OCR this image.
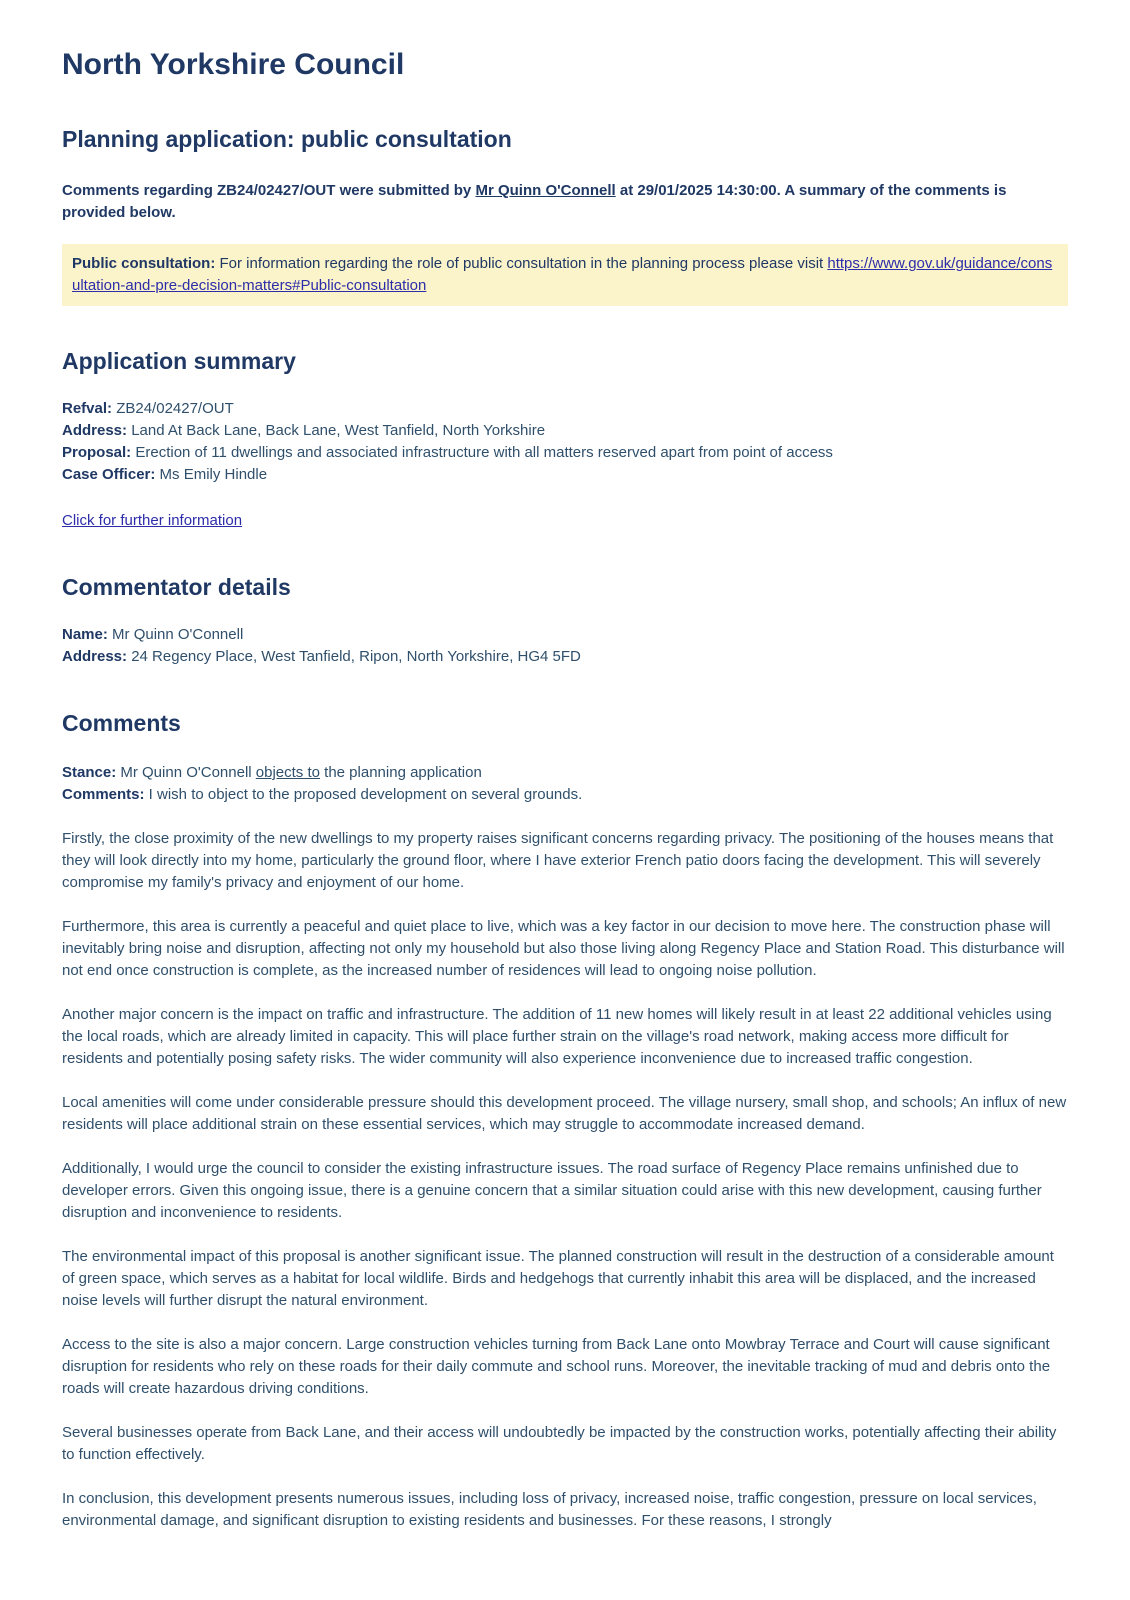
North Yorkshire Council
Planning application: public consultation

Comments regarding ZB24/02427/OUT were submitted by Mr Quinn O'Connell at 29/01/2025 14:30:00. A summary of the comments is provided below.

Public consultation: For information regarding the role of public consultation in the planning process please visit https://www.gov.uk/guidance/consultation-and-pre-decision-matters#Public-consultation
Application summary
Refval: ZB24/02427/OUT
Address: Land At Back Lane, Back Lane, West Tanfield, North Yorkshire
Proposal: Erection of 11 dwellings and associated infrastructure with all matters reserved apart from point of access
Case Officer: Ms Emily Hindle

Click for further information

Commentator details
Name: Mr Quinn O'Connell
Address: 24 Regency Place, West Tanfield, Ripon, North Yorkshire, HG4 5FD
Comments
Stance: Mr Quinn O'Connell objects to the planning application
Comments: I wish to object to the proposed development on several grounds.

Firstly, the close proximity of the new dwellings to my property raises significant concerns regarding privacy. The positioning of the houses means that they will look directly into my home, particularly the ground floor, where I have exterior French patio doors facing the development. This will severely compromise my family's privacy and enjoyment of our home.

Furthermore, this area is currently a peaceful and quiet place to live, which was a key factor in our decision to move here. The construction phase will inevitably bring noise and disruption, affecting not only my household but also those living along Regency Place and Station Road. This disturbance will not end once construction is complete, as the increased number of residences will lead to ongoing noise pollution.

Another major concern is the impact on traffic and infrastructure. The addition of 11 new homes will likely result in at least 22 additional vehicles using the local roads, which are already limited in capacity. This will place further strain on the village's road network, making access more difficult for residents and potentially posing safety risks. The wider community will also experience inconvenience due to increased traffic congestion.

Local amenities will come under considerable pressure should this development proceed. The village nursery, small shop, and schools; An influx of new residents will place additional strain on these essential services, which may struggle to accommodate increased demand.

Additionally, I would urge the council to consider the existing infrastructure issues. The road surface of Regency Place remains unfinished due to developer errors. Given this ongoing issue, there is a genuine concern that a similar situation could arise with this new development, causing further disruption and inconvenience to residents.

The environmental impact of this proposal is another significant issue. The planned construction will result in the destruction of a considerable amount of green space, which serves as a habitat for local wildlife. Birds and hedgehogs that currently inhabit this area will be displaced, and the increased noise levels will further disrupt the natural environment.

Access to the site is also a major concern. Large construction vehicles turning from Back Lane onto Mowbray Terrace and Court will cause significant disruption for residents who rely on these roads for their daily commute and school runs. Moreover, the inevitable tracking of mud and debris onto the roads will create hazardous driving conditions.

Several businesses operate from Back Lane, and their access will undoubtedly be impacted by the construction works, potentially affecting their ability to function effectively.

In conclusion, this development presents numerous issues, including loss of privacy, increased noise, traffic congestion, pressure on local services, environmental damage, and significant disruption to existing residents and businesses. For these reasons, I strongly
